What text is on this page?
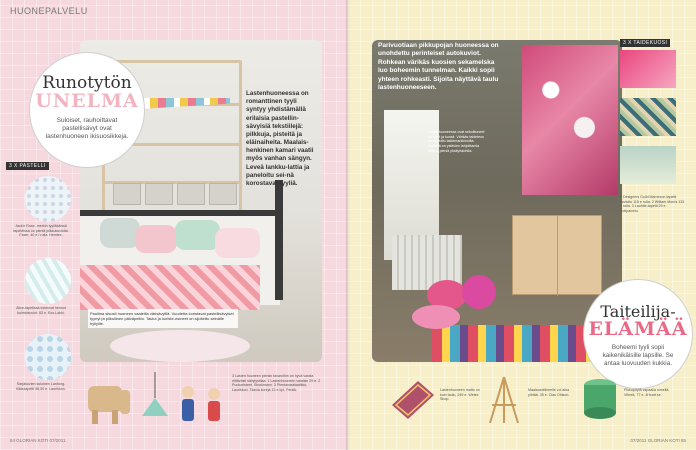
HUONEPALVELU
Pauliina sisusti huoneen vaaleilla värisävyillä. Vuodetta koristavat pastellisävyiset tyynyt ja pilkullinen päiväpeitto. Taulut ja koriste-esineet on sijoitettu seinälle hyllyille.
Runotytön
UNELMA
Suloiset, rauhoittavat pastellisävyt ovat lastenhuoneen ikisuosikkeja.
Lastenhuoneessa on romanttinen tyyli syntyy yhdistämällä erilaisia pastellin-sävyisiä tekstiilejä: pilkkuja, pisteitä ja eläinaiheita. Maalais-henkinen kamari vaatii myös vanhan sängyn. Leveä lankku-lattia ja paneloitu sei-nä korostavat tyyliä.
3 X PASTELLI
Jack'n Rose -merkin tyylikkäissä tapeteissa on pieniä pilkkukuvioita. Fazer, 40 e / rulla. Hemtex.
Alice-tapetissa toistuvat hennot kolmiokuviot. 83 e. Eco-Lakki.
Sarjakuvien suloinen Lanborg-tilkkutapetti 58,50 e. Laurikkon.
3 Lasten huoneen pieniin tavaroihin on hyvä varata riittävästi säilytystilaa. 1 Lastenhuoneen valaisin 29 e. 2 Puukoristeet, Stockmann. 3 Pientavaralaatikko, Laurikkon. Tilavia koreja 13 e kpl, Pentik.
84 GLORIAN KOTI 07/2011
Parivuotiaan pikkupojan huoneessa on unohdettu perinteiset autokuviot. Rohkean värikäs kuosien sekamelska luo boheemin tunnelman. Kaikki sopii yhteen rohkeasti. Sijoita näyttävä taulu lastenhuoneeseen.
Lastenhuoneessa ovat sekoittuneet eri tyylit ja kuosit. Värikäs taideteos on hankittu taidemarkkinoilta. Seinällä on ystävien lahjoittamia töitä ja pieniä yksityiskohtia.
3 X TAIDEKUOSI
1 Designers Guild Mameson-tapetti kuvioitu 115 e rulla. 2 William Morris 133 e rulla. 3 Lauhtie-tapetti 29 e. Kotipalvelu.
Taiteilija-
ELÄMÄÄ
Boheemi tyyli sopii kaikenikäisille lapsille. Se antaa luovuuden kukkia.
Lastenhuoneen matto on kuin taulu, 249 e. Wetex Shop.
Maalaustelineelle voi aina piirtää. 35 e. Clas Ohlson.
Pikkupöytä vapaalla nimellä. Vihreä, 77 e. 4Hcart.se.
07/2011 GLORIAN KOTI 85
